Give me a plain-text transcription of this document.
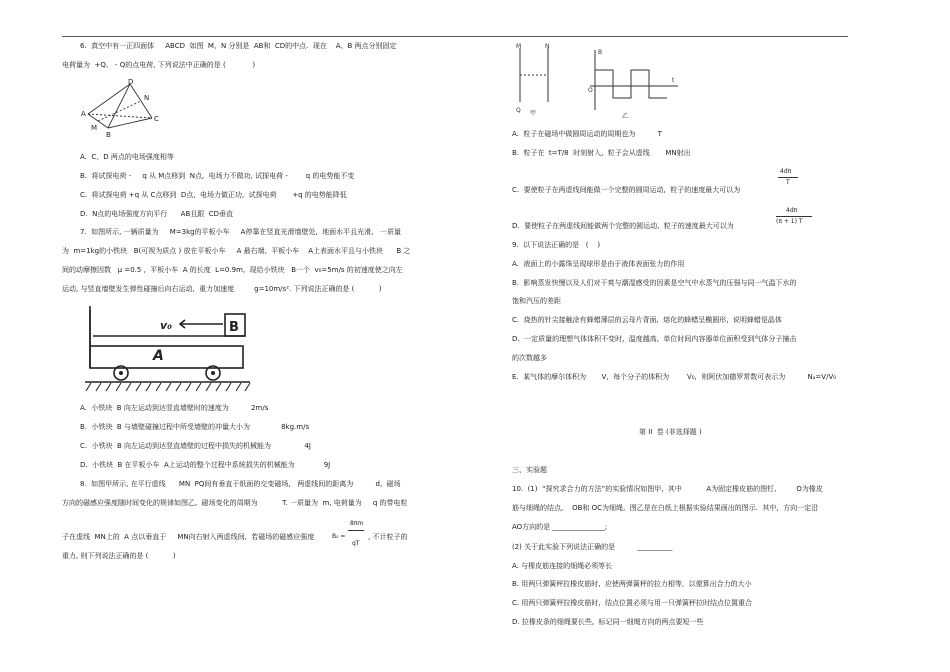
6.  真空中有一正四面体     ABCD  如图  M、N 分别是  AB和  CD的中点.  现在    A、B 两点分别固定
电荷量为  +Q、 - Q的点电荷, 下列说法中正确的是 (            )
A
B
C
D
M
N
A.  C、D 两点的电场强度相等
B.  将试探电荷 -     q 从 M点移到  N点,  电场力不做功, 试探电荷 -        q 的电势能不变
C.  将试探电荷 +q 从 C点移到  D点,  电场力做正功,  试探电荷       +q 的电势能降低
D.  N点的电场强度方向平行      AB且跟  CD垂直
7.  如图所示, 一辆质量为     M=3kg的平板小车     A停靠在竖直光滑墙壁处,  地面水平且光滑,   一质量
为  m=1kg的小铁块   B(可视为质点 ) 放在平板小车     A 最右端,  平板小车    A上表面水平且与小铁块      B 之
间的动摩擦因数   μ =0.5 ,  平板小车  A 的长度  L=0.9m,  现给小铁块   B一个  v₀=5m/s 的初速度使之向左
运动, 与竖直墙壁发生弹性碰撞后向右运动,  重力加速度         g=10m/s². 下列说法正确的是 (           )
v₀	B
A
A.  小铁块  B 向左运动到达竖直墙壁时的速度为          2m/s
B.  小铁块  B 与墙壁碰撞过程中所受墙壁的冲量大小为              8kg.m/s
C.  小铁块  B 向左运动到达竖直墙壁的过程中损失的机械能为               4J
D.  小铁块  B 在平板小车  A上运动的整个过程中系统损失的机械能为             9J
8.  如图甲所示, 在平行虚线      MN  PQ间有垂直于纸面的交变磁场,   两虚线间的距离为          d,  磁场
方向的磁感应强度随时间变化的规律如图乙,  磁场变化的周期为           T. 一质量为  m, 电荷量为     q 的带电粒
子在虚线  MN上的  A 点以垂直于     MN向右射入两虚线间,  若磁场的磁感应强度	B₀ =
8πm
qT
, 不计粒子的
重力, 则下列说法正确的是 (           )
M	N
Q 甲	乙
O
B
t
A.  粒子在磁场中做圆周运动的周期也为          T
B.  粒子在  t=T/8  时刻射入,  粒子会从虚线       MN射出
C.  要使粒子在两虚线间能做一个完整的圆周运动,  粒子的速度最大可以为
4dπ
T
D.  要使粒子在两虚线间能做两个完整的圆运动,  粒子的速度最大可以为
4dπ
(π + 1) T
9.  以下说法正确的是   (    )
A.  液面上的小露珠呈现球形是由于液体表面张力的作用
B.  影响蒸发快慢以及人们对干爽与潮湿感受的因素是空气中水蒸气的压强与同一气温下水的
饱和汽压的差距
C.  烧热的针尖接触涂有蜂蜡薄层的云母片背面,  熔化的蜂蜡呈椭圆形,  说明蜂蜡是晶体
D.  一定质量的理想气体体积不变时,  温度越高,  单位时间内容器单位面积受到气体分子撞击
的次数越多
E.  某气体的摩尔体积为       V,  每个分子的体积为        V₀,  则阿伏加德罗常数可表示为          Nₐ=V/V₀
第 II  卷 (非选择题 )
三、实验题
10.  (1)  “探究求合力的方法”的实验情况如图甲,  其中           A为固定橡皮筋的图钉,         O为橡皮
筋与细绳的结点,    OB和 OC为细绳,  图乙是在白纸上根据实验结果画出的图示.  其中,  方向一定沿
AO方向的是 _______________;
(2) 关于此实验下列说法正确的是          __________
A. 与橡皮筋连接的细绳必须等长
B. 用两只弹簧秤拉橡皮筋时,  应使两弹簧秤的拉力相等,  以便算出合力的大小
C. 用两只弹簧秤拉橡皮筋时,  结点位置必须与用一只弹簧秤拉时结点位置重合
D. 拉橡皮条的细绳要长些,  标记同一细绳方向的两点要短一些
